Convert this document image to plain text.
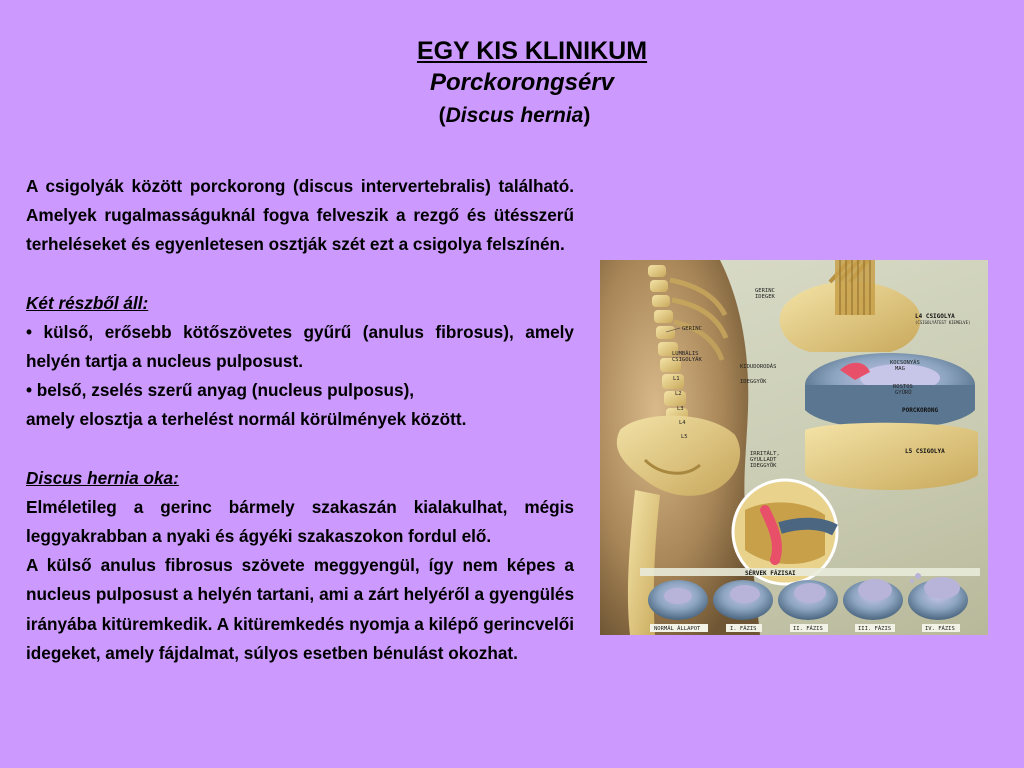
EGY KIS KLINIKUM
Porckorongsérv
(Discus hernia)

A csigolyák között porckorong (discus intervertebralis) található. Amelyek rugalmasságuknál fogva felveszik a rezgő és ütésszerű terheléseket és egyenletesen osztják szét ezt a csigolya felszínén.

Két részből áll:

• külső, erősebb kötőszövetes gyűrű (anulus fibrosus), amely helyén tartja a nucleus pulposust.

• belső, zselés szerű anyag (nucleus pulposus),

amely elosztja a terhelést normál körülmények között.

Discus hernia oka:

Elméletileg a gerinc bármely szakaszán kialakulhat, mégis leggyakrabban a nyaki és ágyéki szakaszokon fordul elő.

A külső anulus fibrosus szövete meggyengül, így nem képes a nucleus pulposust a helyén tartani, ami a zárt helyéről a gyengülés irányába kitüremkedik. A kitüremkedés nyomja a kilépő gerincvelői idegeket, amely fájdalmat, súlyos esetben bénulást okozhat.

GERINC
LUMBÁLIS
CSIGOLYÁK
L1
L2
L3
L4
L5
GERINC
IDEGEK
L4 CSIGOLYA
(CSIGOLYÁTEST KIEMELVE)
KIDUDORODÁS
IDEGGYÖK
KOCSONYÁS
MAG
ROSTOS
GYŰRŰ
PORCKORONG
L5 CSIGOLYA
IRRITÁLT,
GYULLADT
IDEGGYÖK
SÉRVEK FÁZISAI
NORMÁL ÁLLAPOT	I. FÁZIS	II. FÁZIS	III. FÁZIS	IV. FÁZIS
